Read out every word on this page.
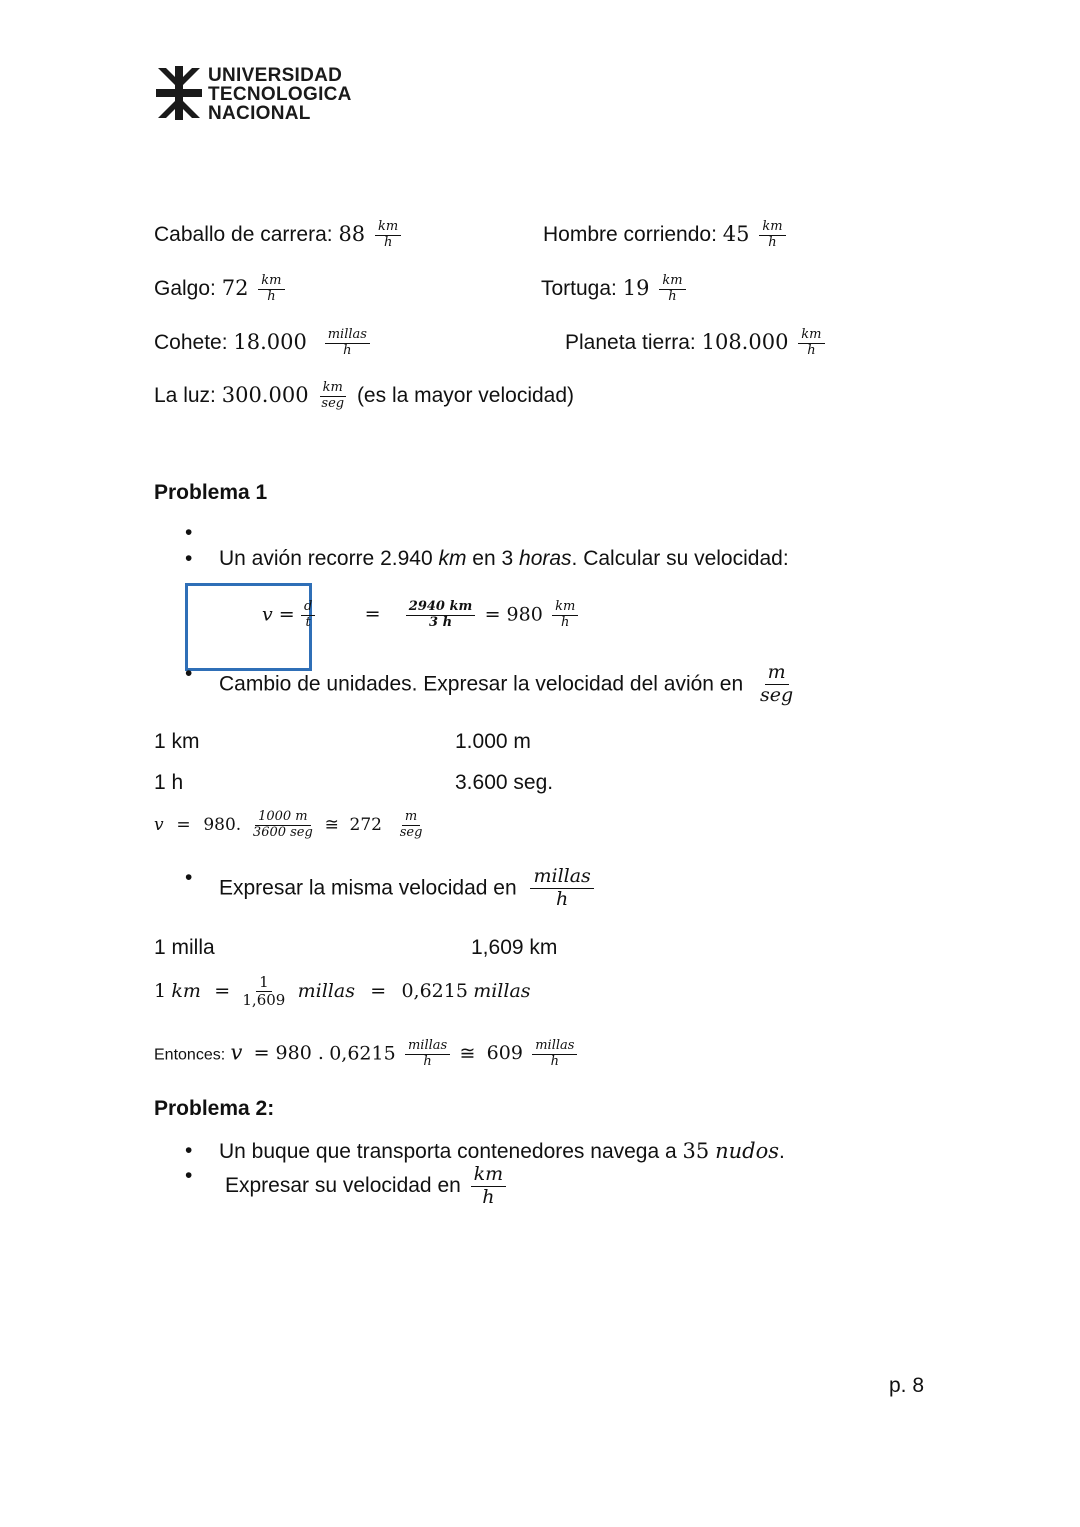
UNIVERSIDAD
TECNOLOGICA
NACIONAL
Caballo de carrera: $88 \frac{km}{h}$	Hombre corriendo: $45 \frac{km}{h}$
Galgo: $72 \frac{km}{h}$	Tortuga: $19 \frac{km}{h}$
Cohete: $18.000 \frac{\text{millas}}{h}$	Planeta tierra: $108.000 \frac{km}{h}$
La luz: $300.000 \frac{km}{\text{seg}} (es$ la mayor velocidad)
Problema 1
•
• Un avión recorre 2.940 km en 3 horas. Calcular su velocidad:
$v = \frac{d}{t}$	= $\frac{2940 km}{3 h} = 980 \frac{km}{h}$
• Cambio de unidades. Expresar la velocidad del avión en $\frac{m}{\text{seg}}$
1 km	1.000 m
1 h	3.600 seg.
v = 980. $\frac{1000 m}{\text{3600 seg}}$ ≅ $272 \frac{m}{\text{seg}}$
• Expresar la misma velocidad en $\frac{\text{millas}}{h}$
1 milla	1,609 km
1 km = $\frac{1}{1,609}$ millas = 0,6215 millas
Entonces: v = 980 . $0,6215 \frac{\text{millas}}{h}$ ≅ $609 \frac{\text{millas}}{h}$
Problema 2:
• Un buque que transporta contenedores navega a 35 nudos.
• Expresar su velocidad en $\frac{km}{h}$
p. 8
